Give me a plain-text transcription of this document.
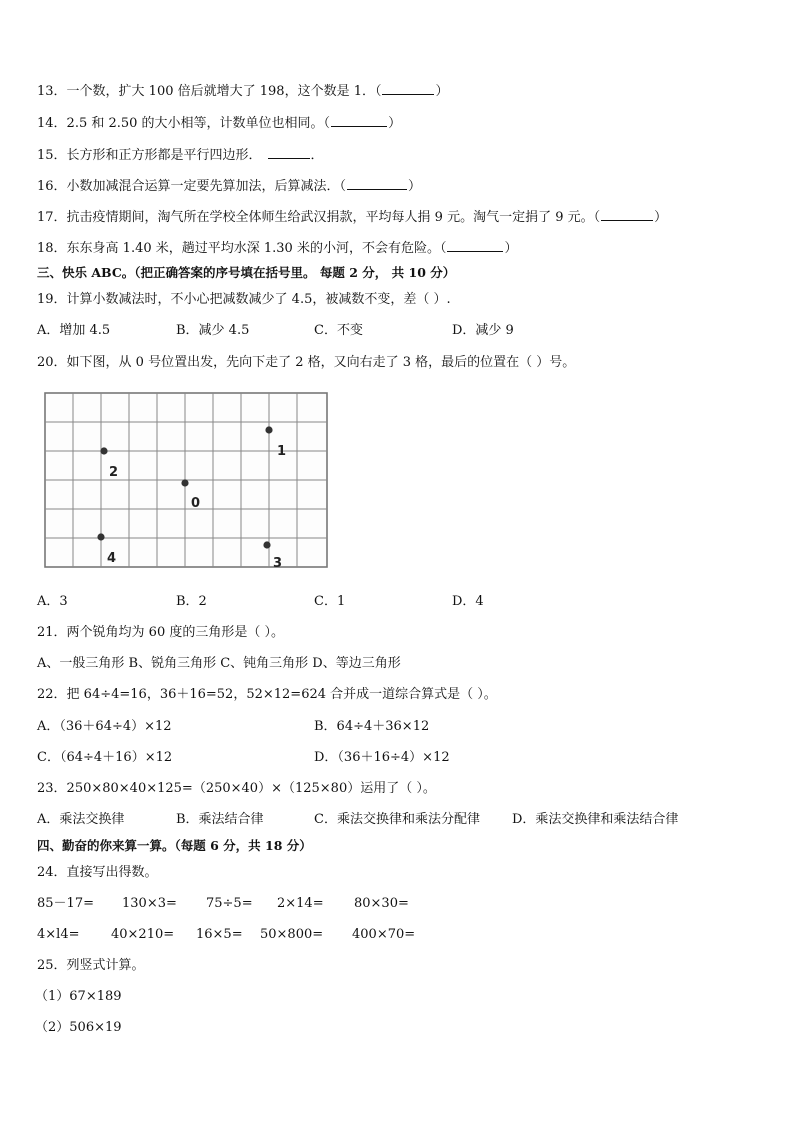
13．一个数，扩大 100 倍后就增大了 198，这个数是 1．（	）
14．2.5 和 2.50 的大小相等，计数单位也相同。（	）
15．长方形和正方形都是平行四边形．	．
16．小数加减混合运算一定要先算加法，后算减法．（	）
17．抗击疫情期间，淘气所在学校全体师生给武汉捐款，平均每人捐 9 元。淘气一定捐了 9 元。（	）
18．东东身高 1.40 米，趟过平均水深 1.30 米的小河，不会有危险。（	）
三、快乐 ABC。（把正确答案的序号填在括号里。 每题 2 分， 共 10 分）
19．计算小数减法时，不小心把减数减少了 4.5，被减数不变，差（ ）.
A．增加 4.5	B．减少 4.5	C．不变	D．减少 9
20．如下图，从 0 号位置出发，先向下走了 2 格，又向右走了 3 格，最后的位置在（ ）号。
1
2
0
4	3
A．3	B．2	C．1	D．4
21．两个锐角均为 60 度的三角形是（ ）。
A、一般三角形 B、锐角三角形 C、钝角三角形 D、等边三角形
22．把 64÷4=16，36＋16=52，52×12=624 合并成一道综合算式是（ ）。
A．（36＋64÷4）×12	B．64÷4＋36×12
C．（64÷4＋16）×12	D．（36＋16÷4）×12
23．250×80×40×125=（250×40）×（125×80）运用了（ ）。
A．乘法交换律	B．乘法结合律	C．乘法交换律和乘法分配律 D．乘法交换律和乘法结合律
四、勤奋的你来算一算。（每题 6 分，共 18 分）
24．直接写出得数。
85－17= 130×3= 75÷5= 2×14= 80×30=
4×l4= 40×210= 16×5= 50×800= 400×70=
25．列竖式计算。
（1）67×189
（2）506×19
